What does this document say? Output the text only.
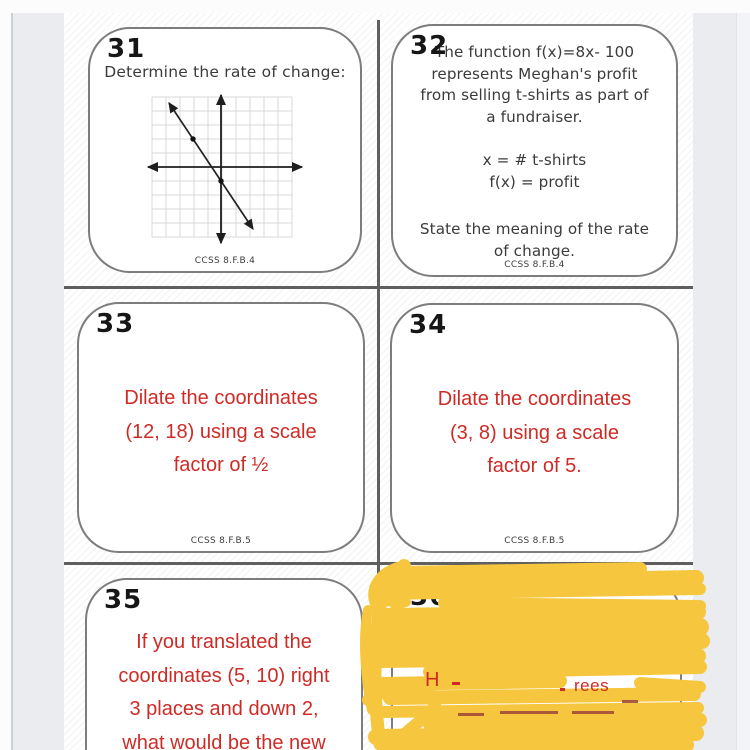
31
Determine the rate of change:
CCSS 8.F.B.4
32
The function f(x)=8x- 100
represents Meghan's profit
from selling t-shirts as part of
a fundraiser.
x = # t-shirts
f(x) = profit
State the meaning of the rate
of change.
CCSS 8.F.B.4
33
Dilate the coordinates
(12, 18) using a scale
factor of ½
CCSS 8.F.B.5
34
Dilate the coordinates
(3, 8) using a scale
factor of 5.
CCSS 8.F.B.5
35
If you translated the
coordinates (5, 10) right
3 places and down 2,
what would be the new
36
H	rees
